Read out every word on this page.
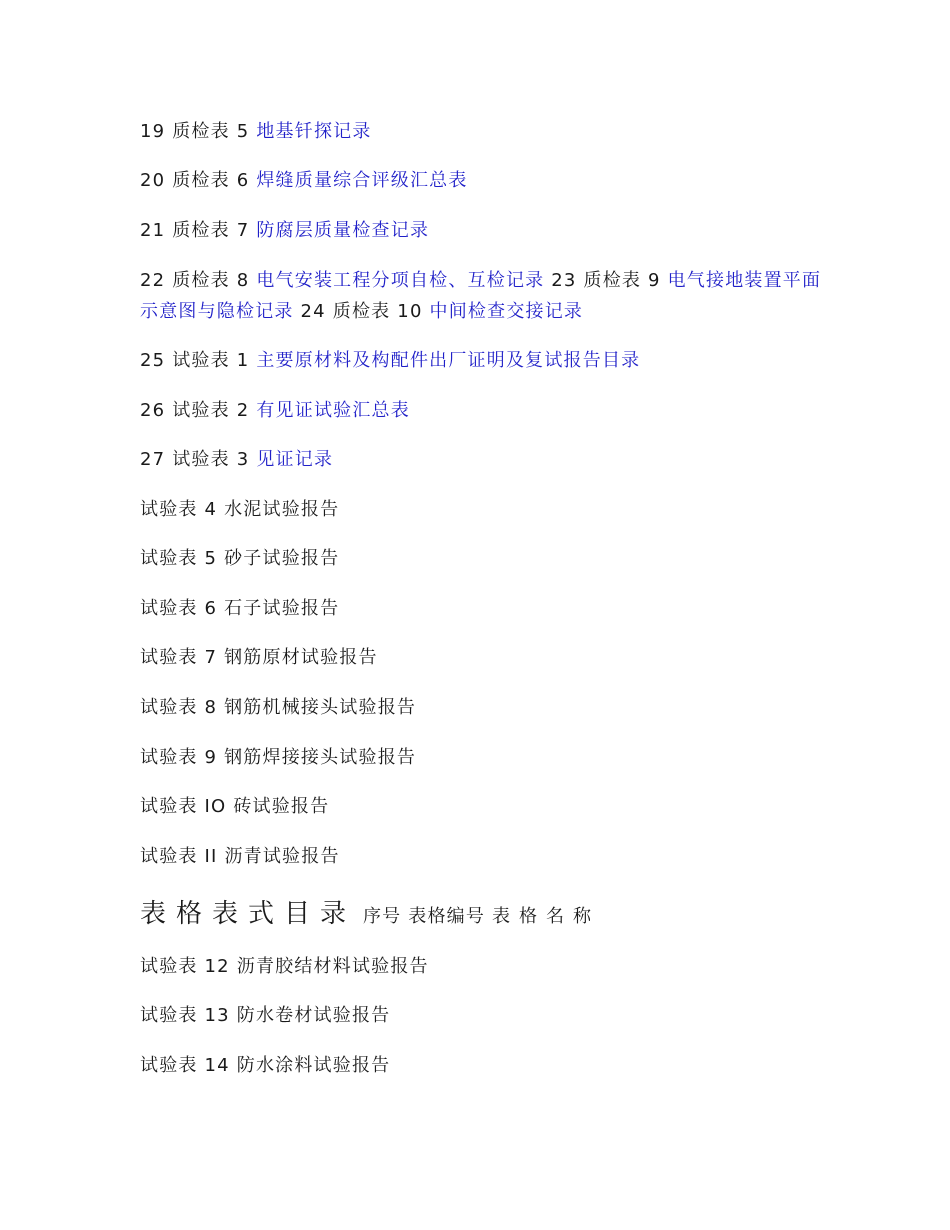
19 质检表 5 地基钎探记录
20 质检表 6 焊缝质量综合评级汇总表
21 质检表 7 防腐层质量检查记录
22 质检表 8 电气安装工程分项自检、互检记录 23 质检表 9 电气接地装置平面示意图与隐检记录 24 质检表 10 中间检查交接记录
25 试验表 1 主要原材料及构配件出厂证明及复试报告目录
26 试验表 2 有见证试验汇总表
27 试验表 3 见证记录
试验表 4 水泥试验报告
试验表 5 砂子试验报告
试验表 6 石子试验报告
试验表 7 钢筋原材试验报告
试验表 8 钢筋机械接头试验报告
试验表 9 钢筋焊接接头试验报告
试验表 IO 砖试验报告
试验表 II 沥青试验报告
表格表式目录 序号 表格编号 表格名称
试验表 12 沥青胶结材料试验报告
试验表 13 防水卷材试验报告
试验表 14 防水涂料试验报告
